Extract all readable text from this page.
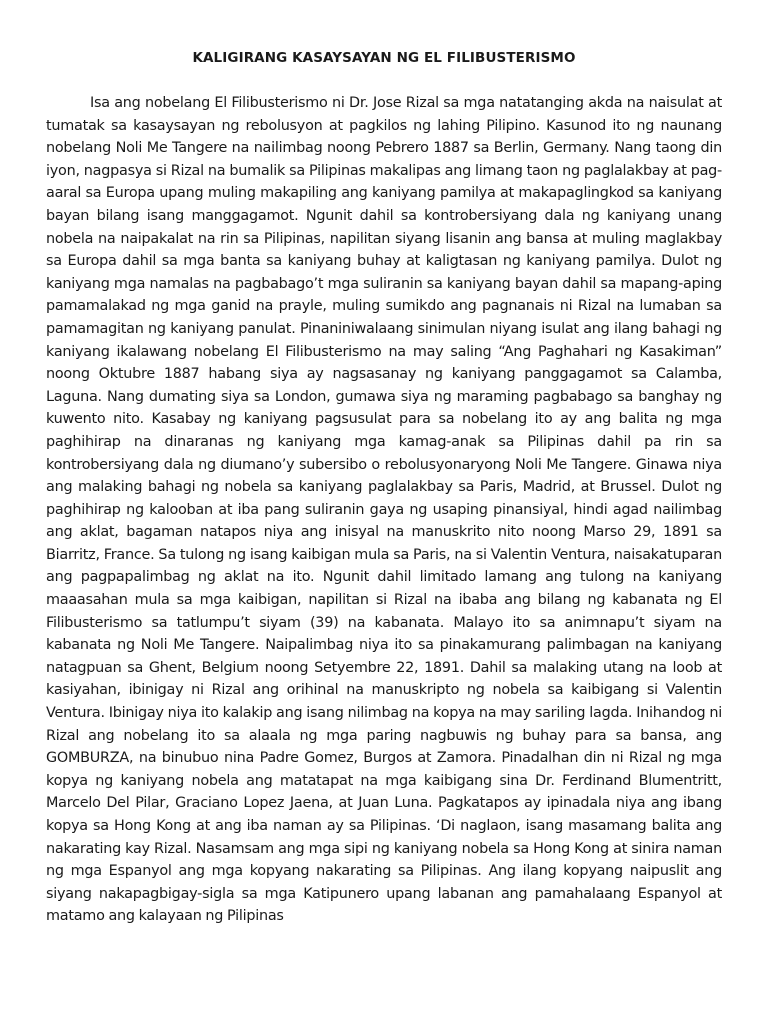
KALIGIRANG KASAYSAYAN NG EL FILIBUSTERISMO

Isa ang nobelang El Filibusterismo ni Dr. Jose Rizal sa mga natatanging akda na naisulat at tumatak sa kasaysayan ng rebolusyon at pagkilos ng lahing Pilipino. Kasunod ito ng naunang nobelang Noli Me Tangere na nailimbag noong Pebrero 1887 sa Berlin, Germany. Nang taong din iyon, nagpasya si Rizal na bumalik sa Pilipinas makalipas ang limang taon ng paglalakbay at pag-aaral sa Europa upang muling makapiling ang kaniyang pamilya at makapaglingkod sa kaniyang bayan bilang isang manggagamot. Ngunit dahil sa kontrobersiyang dala ng kaniyang unang nobela na naipakalat na rin sa Pilipinas, napilitan siyang lisanin ang bansa at muling maglakbay sa Europa dahil sa mga banta sa kaniyang buhay at kaligtasan ng kaniyang pamilya. Dulot ng kaniyang mga namalas na pagbabago’t mga suliranin sa kaniyang bayan dahil sa mapang-aping pamamalakad ng mga ganid na prayle, muling sumikdo ang pagnanais ni Rizal na lumaban sa pamamagitan ng kaniyang panulat. Pinaniniwalaang sinimulan niyang isulat ang ilang bahagi ng kaniyang ikalawang nobelang El Filibusterismo na may saling “Ang Paghahari ng Kasakiman” noong Oktubre 1887 habang siya ay nagsasanay ng kaniyang panggagamot sa Calamba, Laguna. Nang dumating siya sa London, gumawa siya ng maraming pagbabago sa banghay ng kuwento nito. Kasabay ng kaniyang pagsusulat para sa nobelang ito ay ang balita ng mga paghihirap na dinaranas ng kaniyang mga kamag-anak sa Pilipinas dahil pa rin sa kontrobersiyang dala ng diumano’y subersibo o rebolusyonaryong Noli Me Tangere. Ginawa niya ang malaking bahagi ng nobela sa kaniyang paglalakbay sa Paris, Madrid, at Brussel. Dulot ng paghihirap ng kalooban at iba pang suliranin gaya ng usaping pinansiyal, hindi agad nailimbag ang aklat, bagaman natapos niya ang inisyal na manuskrito nito noong Marso 29, 1891 sa Biarritz, France. Sa tulong ng isang kaibigan mula sa Paris, na si Valentin Ventura, naisakatuparan ang pagpapalimbag ng aklat na ito. Ngunit dahil limitado lamang ang tulong na kaniyang maaasahan mula sa mga kaibigan, napilitan si Rizal na ibaba ang bilang ng kabanata ng El Filibusterismo sa tatlumpu’t siyam (39) na kabanata. Malayo ito sa animnapu’t siyam na kabanata ng Noli Me Tangere. Naipalimbag niya ito sa pinakamurang palimbagan na kaniyang natagpuan sa Ghent, Belgium noong Setyembre 22, 1891. Dahil sa malaking utang na loob at kasiyahan, ibinigay ni Rizal ang orihinal na manuskripto ng nobela sa kaibigang si Valentin Ventura. Ibinigay niya ito kalakip ang isang nilimbag na kopya na may sariling lagda. Inihandog ni Rizal ang nobelang ito sa alaala ng mga paring nagbuwis ng buhay para sa bansa, ang GOMBURZA, na binubuo nina Padre Gomez, Burgos at Zamora. Pinadalhan din ni Rizal ng mga kopya ng kaniyang nobela ang matatapat na mga kaibigang sina Dr. Ferdinand Blumentritt, Marcelo Del Pilar, Graciano Lopez Jaena, at Juan Luna. Pagkatapos ay ipinadala niya ang ibang kopya sa Hong Kong at ang iba naman ay sa Pilipinas. ‘Di naglaon, isang masamang balita ang nakarating kay Rizal. Nasamsam ang mga sipi ng kaniyang nobela sa Hong Kong at sinira naman ng mga Espanyol ang mga kopyang nakarating sa Pilipinas. Ang ilang kopyang naipuslit ang siyang nakapagbigay-sigla sa mga Katipunero upang labanan ang pamahalaang Espanyol at matamo ang kalayaan ng Pilipinas
